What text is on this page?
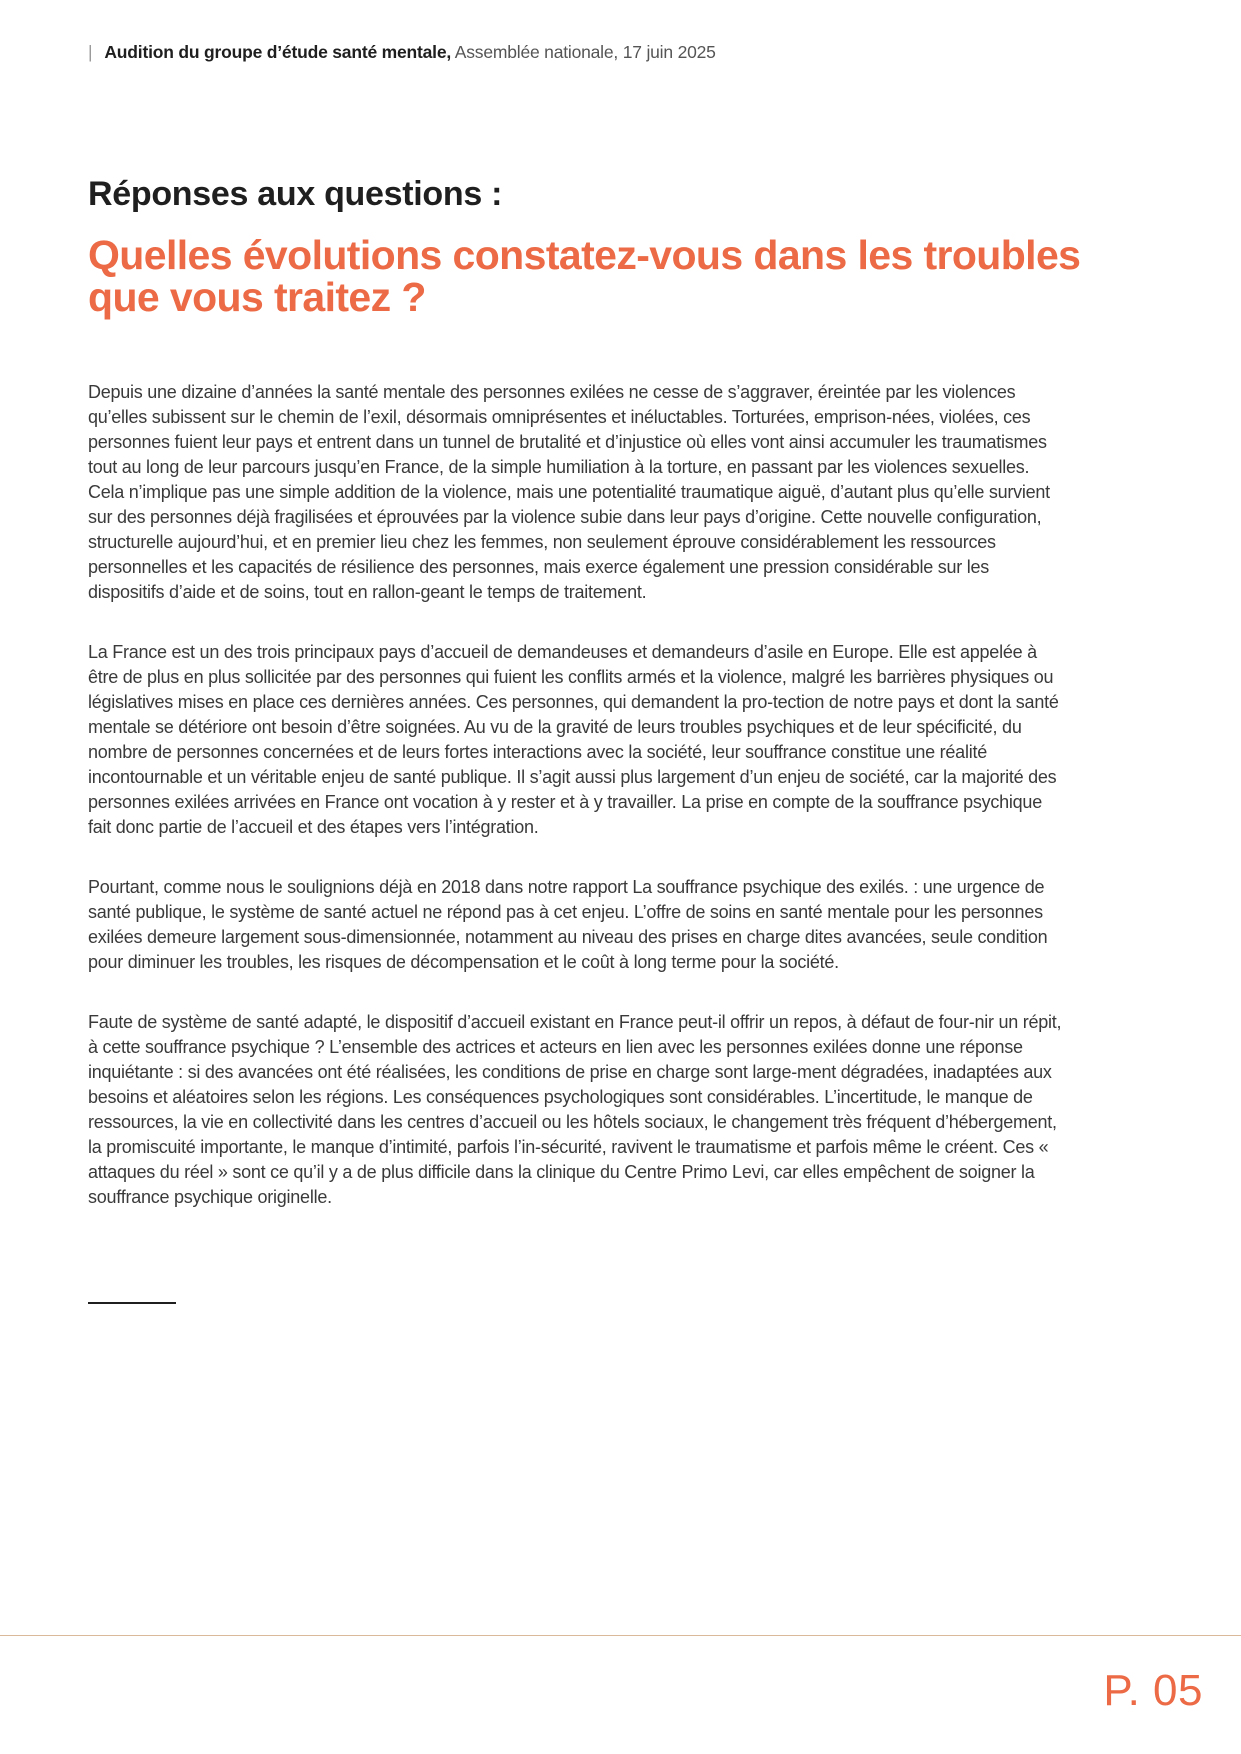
| Audition du groupe d’étude santé mentale, Assemblée nationale, 17 juin 2025
Réponses aux questions :
Quelles évolutions constatez-vous dans les troubles que vous traitez ?

Depuis une dizaine d’années la santé mentale des personnes exilées ne cesse de s’aggraver, éreintée par les violences qu’elles subissent sur le chemin de l’exil, désormais omniprésentes et inéluctables. Torturées, emprison-nées, violées, ces personnes fuient leur pays et entrent dans un tunnel de brutalité et d’injustice où elles vont ainsi accumuler les traumatismes tout au long de leur parcours jusqu’en France, de la simple humiliation à la torture, en passant par les violences sexuelles. Cela n’implique pas une simple addition de la violence, mais une potentialité traumatique aiguë, d’autant plus qu’elle survient sur des personnes déjà fragilisées et éprouvées par la violence subie dans leur pays d’origine. Cette nouvelle configuration, structurelle aujourd’hui, et en premier lieu chez les femmes, non seulement éprouve considérablement les ressources personnelles et les capacités de résilience des personnes, mais exerce également une pression considérable sur les dispositifs d’aide et de soins, tout en rallon-geant le temps de traitement.

La France est un des trois principaux pays d’accueil de demandeuses et demandeurs d’asile en Europe. Elle est appelée à être de plus en plus sollicitée par des personnes qui fuient les conflits armés et la violence, malgré les barrières physiques ou législatives mises en place ces dernières années. Ces personnes, qui demandent la pro-tection de notre pays et dont la santé mentale se détériore ont besoin d’être soignées. Au vu de la gravité de leurs troubles psychiques et de leur spécificité, du nombre de personnes concernées et de leurs fortes interactions avec la société, leur souffrance constitue une réalité incontournable et un véritable enjeu de santé publique. Il s’agit aussi plus largement d’un enjeu de société, car la majorité des personnes exilées arrivées en France ont vocation à y rester et à y travailler. La prise en compte de la souffrance psychique fait donc partie de l’accueil et des étapes vers l’intégration.

Pourtant, comme nous le soulignions déjà en 2018 dans notre rapport La souffrance psychique des exilés. : une urgence de santé publique, le système de santé actuel ne répond pas à cet enjeu. L’offre de soins en santé mentale pour les personnes exilées demeure largement sous-dimensionnée, notamment au niveau des prises en charge dites avancées, seule condition pour diminuer les troubles, les risques de décompensation et le coût à long terme pour la société.

Faute de système de santé adapté, le dispositif d’accueil existant en France peut-il offrir un repos, à défaut de four-nir un répit, à cette souffrance psychique ? L’ensemble des actrices et acteurs en lien avec les personnes exilées donne une réponse inquiétante : si des avancées ont été réalisées, les conditions de prise en charge sont large-ment dégradées, inadaptées aux besoins et aléatoires selon les régions. Les conséquences psychologiques sont considérables. L’incertitude, le manque de ressources, la vie en collectivité dans les centres d’accueil ou les hôtels sociaux, le changement très fréquent d’hébergement, la promiscuité importante, le manque d’intimité, parfois l’in-sécurité, ravivent le traumatisme et parfois même le créent. Ces « attaques du réel » sont ce qu’il y a de plus difficile dans la clinique du Centre Primo Levi, car elles empêchent de soigner la souffrance psychique originelle.

P. 05
